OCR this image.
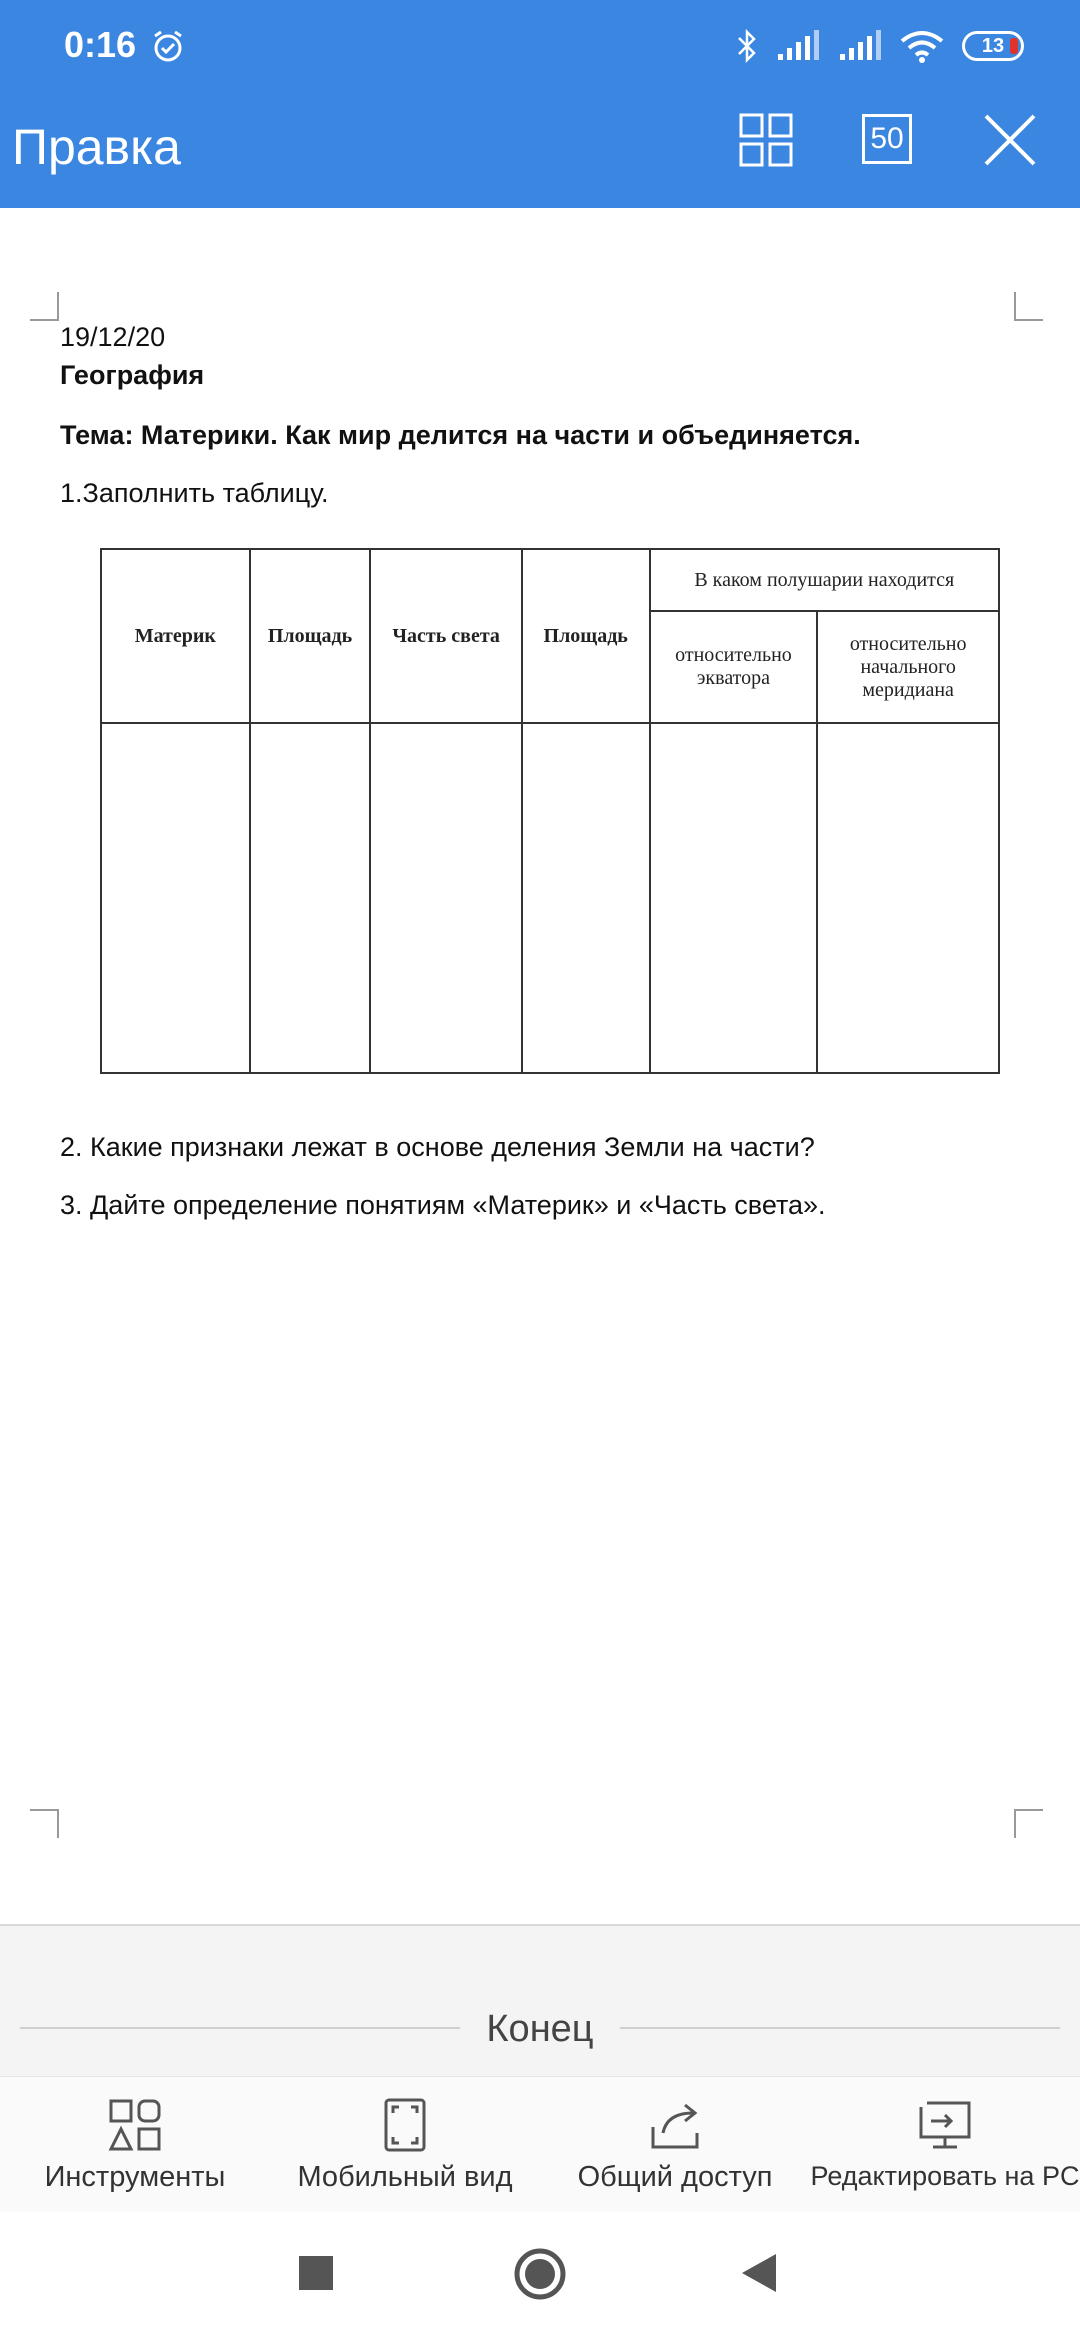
0:16	13
Правка	50
19/12/20
География
Тема: Материки. Как мир делится на части и объединяется.
1.Заполнить таблицу.
Материк	Площадь	Часть света	Площадь	В каком полушарии находится	
				относительно экватора	относительно начального меридиана

2. Какие признаки лежат в основе деления Земли на части?
3. Дайте определение понятиям «Материк» и «Часть света».
Конец
Инструменты	Мобильный вид	Общий доступ	Редактировать на PC
